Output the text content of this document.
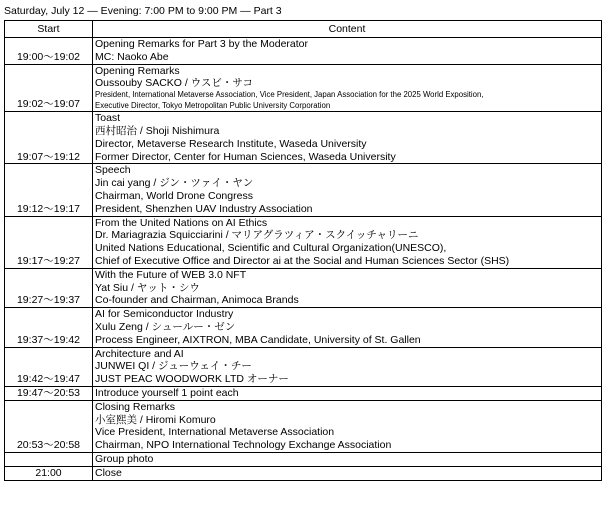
Saturday, July 12 — Evening: 7:00 PM to 9:00 PM — Part 3
Start	Content
19:00～19:02	Opening Remarks for Part 3 by the Moderator
MC: Naoko Abe

19:02～19:07	Opening Remarks
Oussouby SACKO / ウスビ・サコ
President, International Metaverse Association, Vice President, Japan Association for the 2025 World Exposition,
Executive Director, Tokyo Metropolitan Public University Corporation

19:07～19:12	Toast
西村昭治 / Shoji Nishimura
Director, Metaverse Research Institute, Waseda University
Former Director, Center for Human Sciences, Waseda University

19:12～19:17	Speech
Jin cai yang / ジン・ツァイ・ヤン
Chairman, World Drone Congress
President, Shenzhen UAV Industry Association

19:17～19:27	From the United Nations on AI Ethics
Dr. Mariagrazia Squicciarini / マリアグラツィア・スクイッチャリーニ
United Nations Educational, Scientific and Cultural Organization(UNESCO),
Chief of Executive Office and Director ai at the Social and Human Sciences Sector (SHS)

19:27～19:37	With the Future of WEB 3.0 NFT
Yat Siu / ヤット・シウ
Co-founder and Chairman, Animoca Brands

19:37～19:42	AI for Semiconductor Industry
Xulu Zeng / シュールー・ゼン
Process Engineer, AIXTRON, MBA Candidate, University of St. Gallen

19:42～19:47	Architecture and AI
JUNWEI QI / ジューウェイ・チー
JUST PEAC WOODWORK LTD オーナー

19:47～20:53	Introduce yourself 1 point each

20:53～20:58	Closing Remarks
小室熙美 / Hiromi Komuro
Vice President, International Metaverse Association
Chairman, NPO International Technology Exchange Association

	Group photo

21:00	Close
